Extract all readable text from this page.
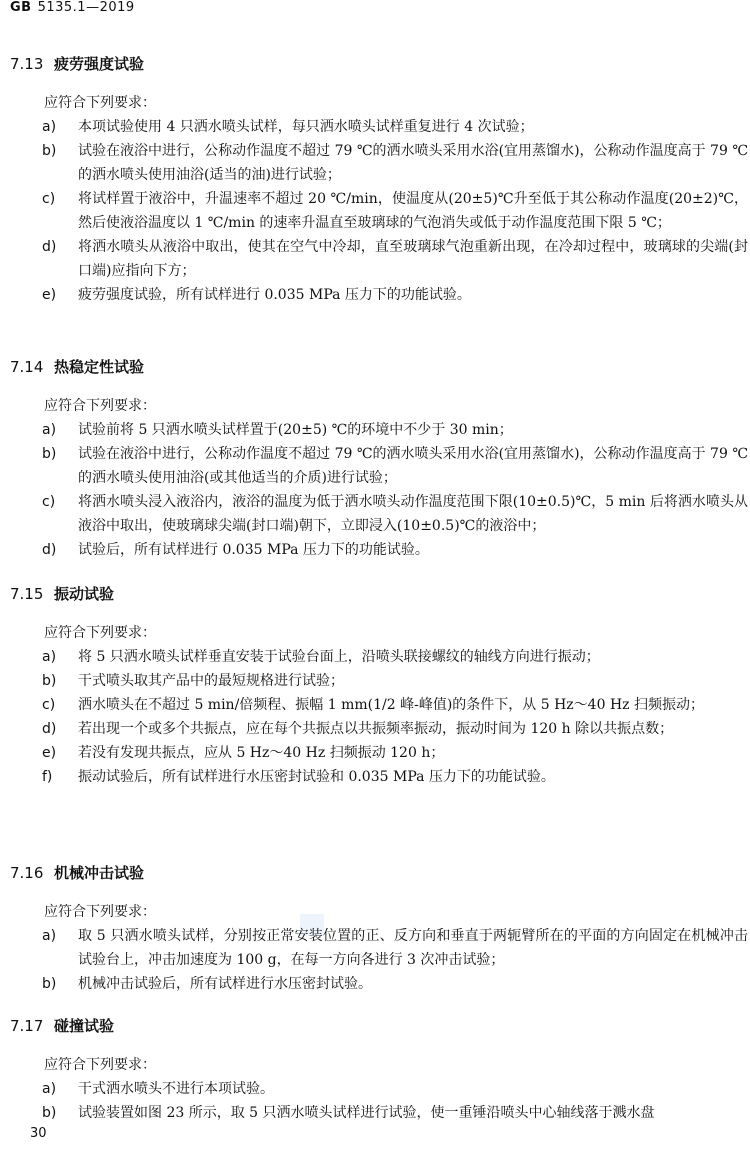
GB 5135.1—2019
7.13 疲劳强度试验
应符合下列要求：
a) 本项试验使用 4 只洒水喷头试样，每只洒水喷头试样重复进行 4 次试验；
b) 试验在液浴中进行，公称动作温度不超过 79 ℃的洒水喷头采用水浴(宜用蒸馏水)，公称动作温度高于 79 ℃的洒水喷头使用油浴(适当的油)进行试验；
c) 将试样置于液浴中，升温速率不超过 20 ℃/min，使温度从(20±5)℃升至低于其公称动作温度(20±2)℃，然后使液浴温度以 1 ℃/min 的速率升温直至玻璃球的气泡消失或低于动作温度范围下限 5 ℃；
d) 将洒水喷头从液浴中取出，使其在空气中冷却，直至玻璃球气泡重新出现，在冷却过程中，玻璃球的尖端(封口端)应指向下方；
e) 疲劳强度试验，所有试样进行 0.035 MPa 压力下的功能试验。
7.14 热稳定性试验
应符合下列要求：
a) 试验前将 5 只洒水喷头试样置于(20±5) ℃的环境中不少于 30 min；
b) 试验在液浴中进行，公称动作温度不超过 79 ℃的洒水喷头采用水浴(宜用蒸馏水)，公称动作温度高于 79 ℃的洒水喷头使用油浴(或其他适当的介质)进行试验；
c) 将洒水喷头浸入液浴内，液浴的温度为低于洒水喷头动作温度范围下限(10±0.5)℃，5 min 后将洒水喷头从液浴中取出，使玻璃球尖端(封口端)朝下，立即浸入(10±0.5)℃的液浴中；
d) 试验后，所有试样进行 0.035 MPa 压力下的功能试验。
7.15 振动试验
应符合下列要求：
a) 将 5 只洒水喷头试样垂直安装于试验台面上，沿喷头联接螺纹的轴线方向进行振动；
b) 干式喷头取其产品中的最短规格进行试验；
c) 洒水喷头在不超过 5 min/倍频程、振幅 1 mm(1/2 峰-峰值)的条件下，从 5 Hz～40 Hz 扫频振动；
d) 若出现一个或多个共振点，应在每个共振点以共振频率振动，振动时间为 120 h 除以共振点数；
e) 若没有发现共振点，应从 5 Hz～40 Hz 扫频振动 120 h；
f) 振动试验后，所有试样进行水压密封试验和 0.035 MPa 压力下的功能试验。
7.16 机械冲击试验
应符合下列要求：
a) 取 5 只洒水喷头试样，分别按正常安装位置的正、反方向和垂直于两轭臂所在的平面的方向固定在机械冲击试验台上，冲击加速度为 100 g，在每一方向各进行 3 次冲击试验；
b) 机械冲击试验后，所有试样进行水压密封试验。
7.17 碰撞试验
应符合下列要求：
a) 干式洒水喷头不进行本项试验。
b) 试验装置如图 23 所示，取 5 只洒水喷头试样进行试验，使一重锤沿喷头中心轴线落于溅水盘
30
